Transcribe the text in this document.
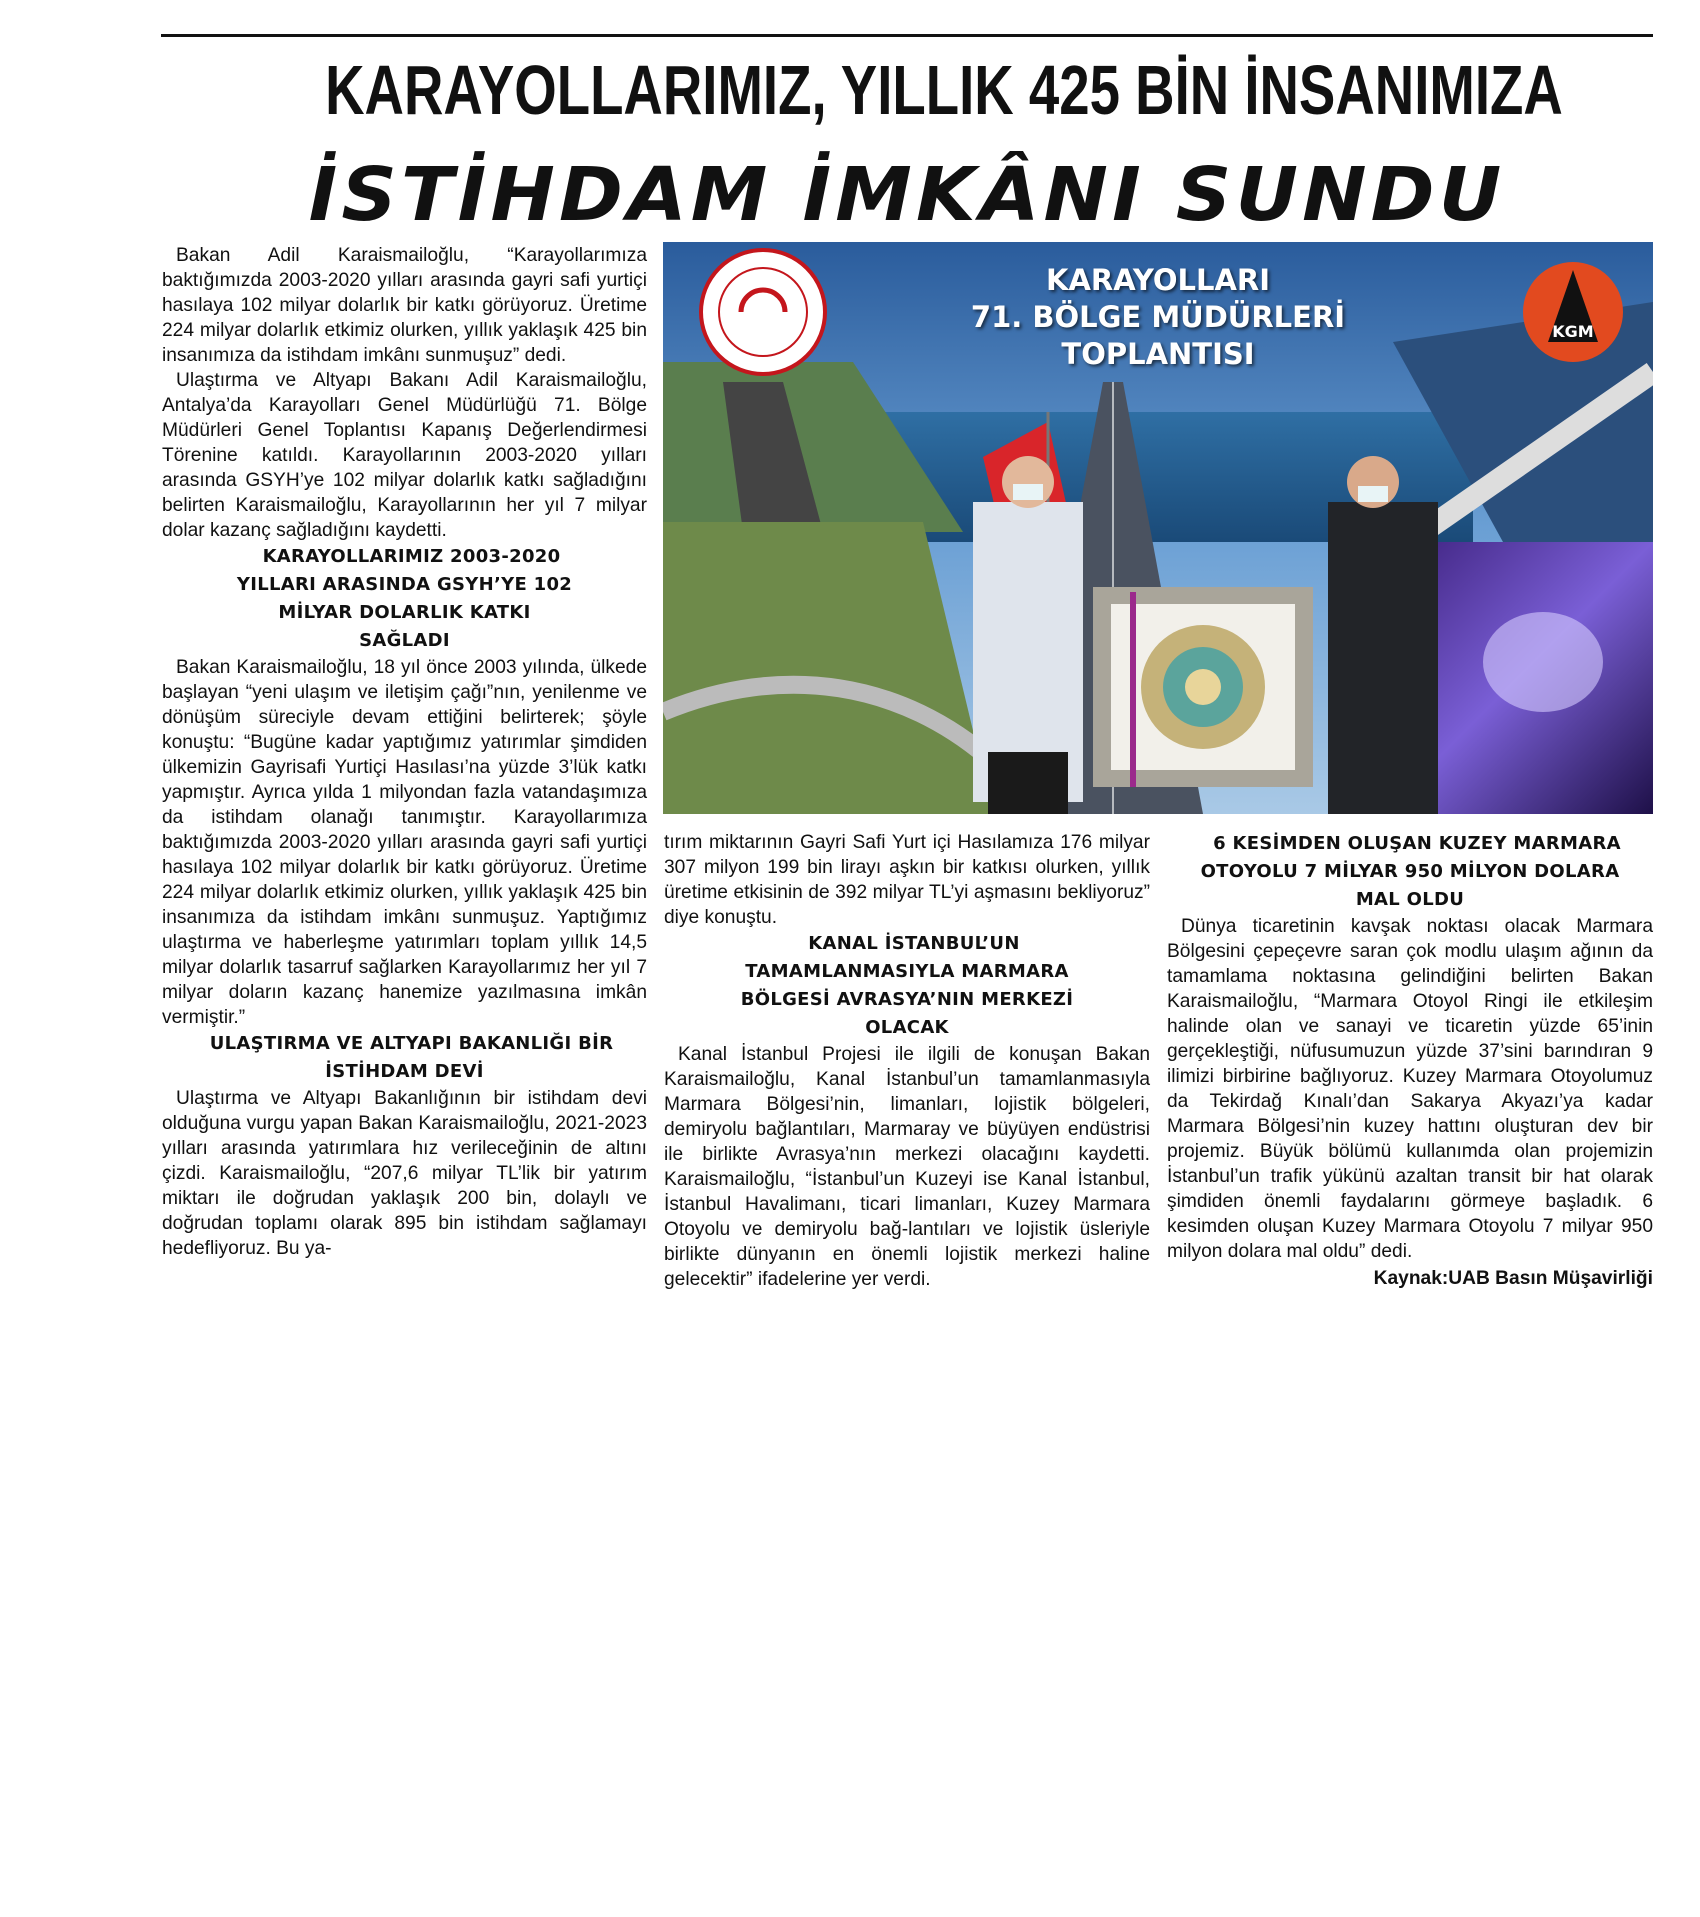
KARAYOLLARIMIZ, YILLIK 425 BİN İNSANIMIZA
İSTİHDAM İMKÂNI SUNDU

Bakan Adil Karaismailoğlu, “Karayollarımıza baktığımızda 2003-2020 yılları arasında gayri safi yurtiçi hasılaya 102 milyar dolarlık bir katkı görüyoruz. Üretime 224 milyar dolarlık etkimiz olurken, yıllık yaklaşık 425 bin insanımıza da istihdam imkânı sunmuşuz” dedi.

Ulaştırma ve Altyapı Bakanı Adil Karaismailoğlu, Antalya’da Karayolları Genel Müdürlüğü 71. Bölge Müdürleri Genel Toplantısı Kapanış Değerlendirmesi Törenine katıldı. Karayollarının 2003-2020 yılları arasında GSYH’ye 102 milyar dolarlık katkı sağladığını belirten Karaismailoğlu, Karayollarının her yıl 7 milyar dolar kazanç sağladığını kaydetti.

KARAYOLLARIMIZ 2003-2020 YILLARI ARASINDA GSYH’YE 102 MİLYAR DOLARLIK KATKI SAĞLADI

Bakan Karaismailoğlu, 18 yıl önce 2003 yılında, ülkede başlayan “yeni ulaşım ve iletişim çağı”nın, yenilenme ve dönüşüm süreciyle devam ettiğini belirterek; şöyle konuştu: “Bugüne kadar yaptığımız yatırımlar şimdiden ülkemizin Gayrisafi Yurtiçi Hasılası’na yüzde 3’lük katkı yapmıştır. Ayrıca yılda 1 milyondan fazla vatandaşımıza da istihdam olanağı tanımıştır. Karayollarımıza baktığımızda 2003-2020 yılları arasında gayri safi yurtiçi hasılaya 102 milyar dolarlık bir katkı görüyoruz. Üretime 224 milyar dolarlık etkimiz olurken, yıllık yaklaşık 425 bin insanımıza da istihdam imkânı sunmuşuz. Yaptığımız ulaştırma ve haberleşme yatırımları toplam yıllık 14,5 milyar dolarlık tasarruf sağlarken Karayollarımız her yıl 7 milyar doların kazanç hanemize yazılmasına imkân vermiştir.”

ULAŞTIRMA VE ALTYAPI BAKANLIĞI BİR İSTİHDAM DEVİ

Ulaştırma ve Altyapı Bakanlığının bir istihdam devi olduğuna vurgu yapan Bakan Karaismailoğlu, 2021-2023 yılları arasında yatırımlara hız verileceğinin de altını çizdi. Karaismailoğlu, “207,6 milyar TL’lik bir yatırım miktarı ile doğrudan yaklaşık 200 bin, dolaylı ve doğrudan toplamı olarak 895 bin istihdam sağlamayı hedefliyoruz. Bu ya-

KGM
KARAYOLLARI
71. BÖLGE MÜDÜRLERİ
TOPLANTISI

tırım miktarının Gayri Safi Yurt içi Hasılamıza 176 milyar 307 milyon 199 bin lirayı aşkın bir katkısı olurken, yıllık üretime etkisinin de 392 milyar TL’yi aşmasını bekliyoruz” diye konuştu.

KANAL İSTANBUL’UN TAMAMLANMASIYLA MARMARA BÖLGESİ AVRASYA’NIN MERKEZİ OLACAK

Kanal İstanbul Projesi ile ilgili de konuşan Bakan Karaismailoğlu, Kanal İstanbul’un tamamlanmasıyla Marmara Bölgesi’nin, limanları, lojistik bölgeleri, demiryolu bağlantıları, Marmaray ve büyüyen endüstrisi ile birlikte Avrasya’nın merkezi olacağını kaydetti. Karaismailoğlu, “İstanbul’un Kuzeyi ise Kanal İstanbul, İstanbul Havalimanı, ticari limanları, Kuzey Marmara Otoyolu ve demiryolu bağ-lantıları ve lojistik üsleriyle birlikte dünyanın en önemli lojistik merkezi haline gelecektir” ifadelerine yer verdi.

6 KESİMDEN OLUŞAN KUZEY MARMARA OTOYOLU 7 MİLYAR 950 MİLYON DOLARA MAL OLDU

Dünya ticaretinin kavşak noktası olacak Marmara Bölgesini çepeçevre saran çok modlu ulaşım ağının da tamamlama noktasına gelindiğini belirten Bakan Karaismailoğlu, “Marmara Otoyol Ringi ile etkileşim halinde olan ve sanayi ve ticaretin yüzde 65’inin gerçekleştiği, nüfusumuzun yüzde 37’sini barındıran 9 ilimizi birbirine bağlıyoruz. Kuzey Marmara Otoyolumuz da Tekirdağ Kınalı’dan Sakarya Akyazı’ya kadar Marmara Bölgesi’nin kuzey hattını oluşturan dev bir projemiz. Büyük bölümü kullanımda olan projemizin İstanbul’un trafik yükünü azaltan transit bir hat olarak şimdiden önemli faydalarını görmeye başladık. 6 kesimden oluşan Kuzey Marmara Otoyolu 7 milyar 950 milyon dolara mal oldu” dedi.

Kaynak:UAB Basın Müşavirliği
